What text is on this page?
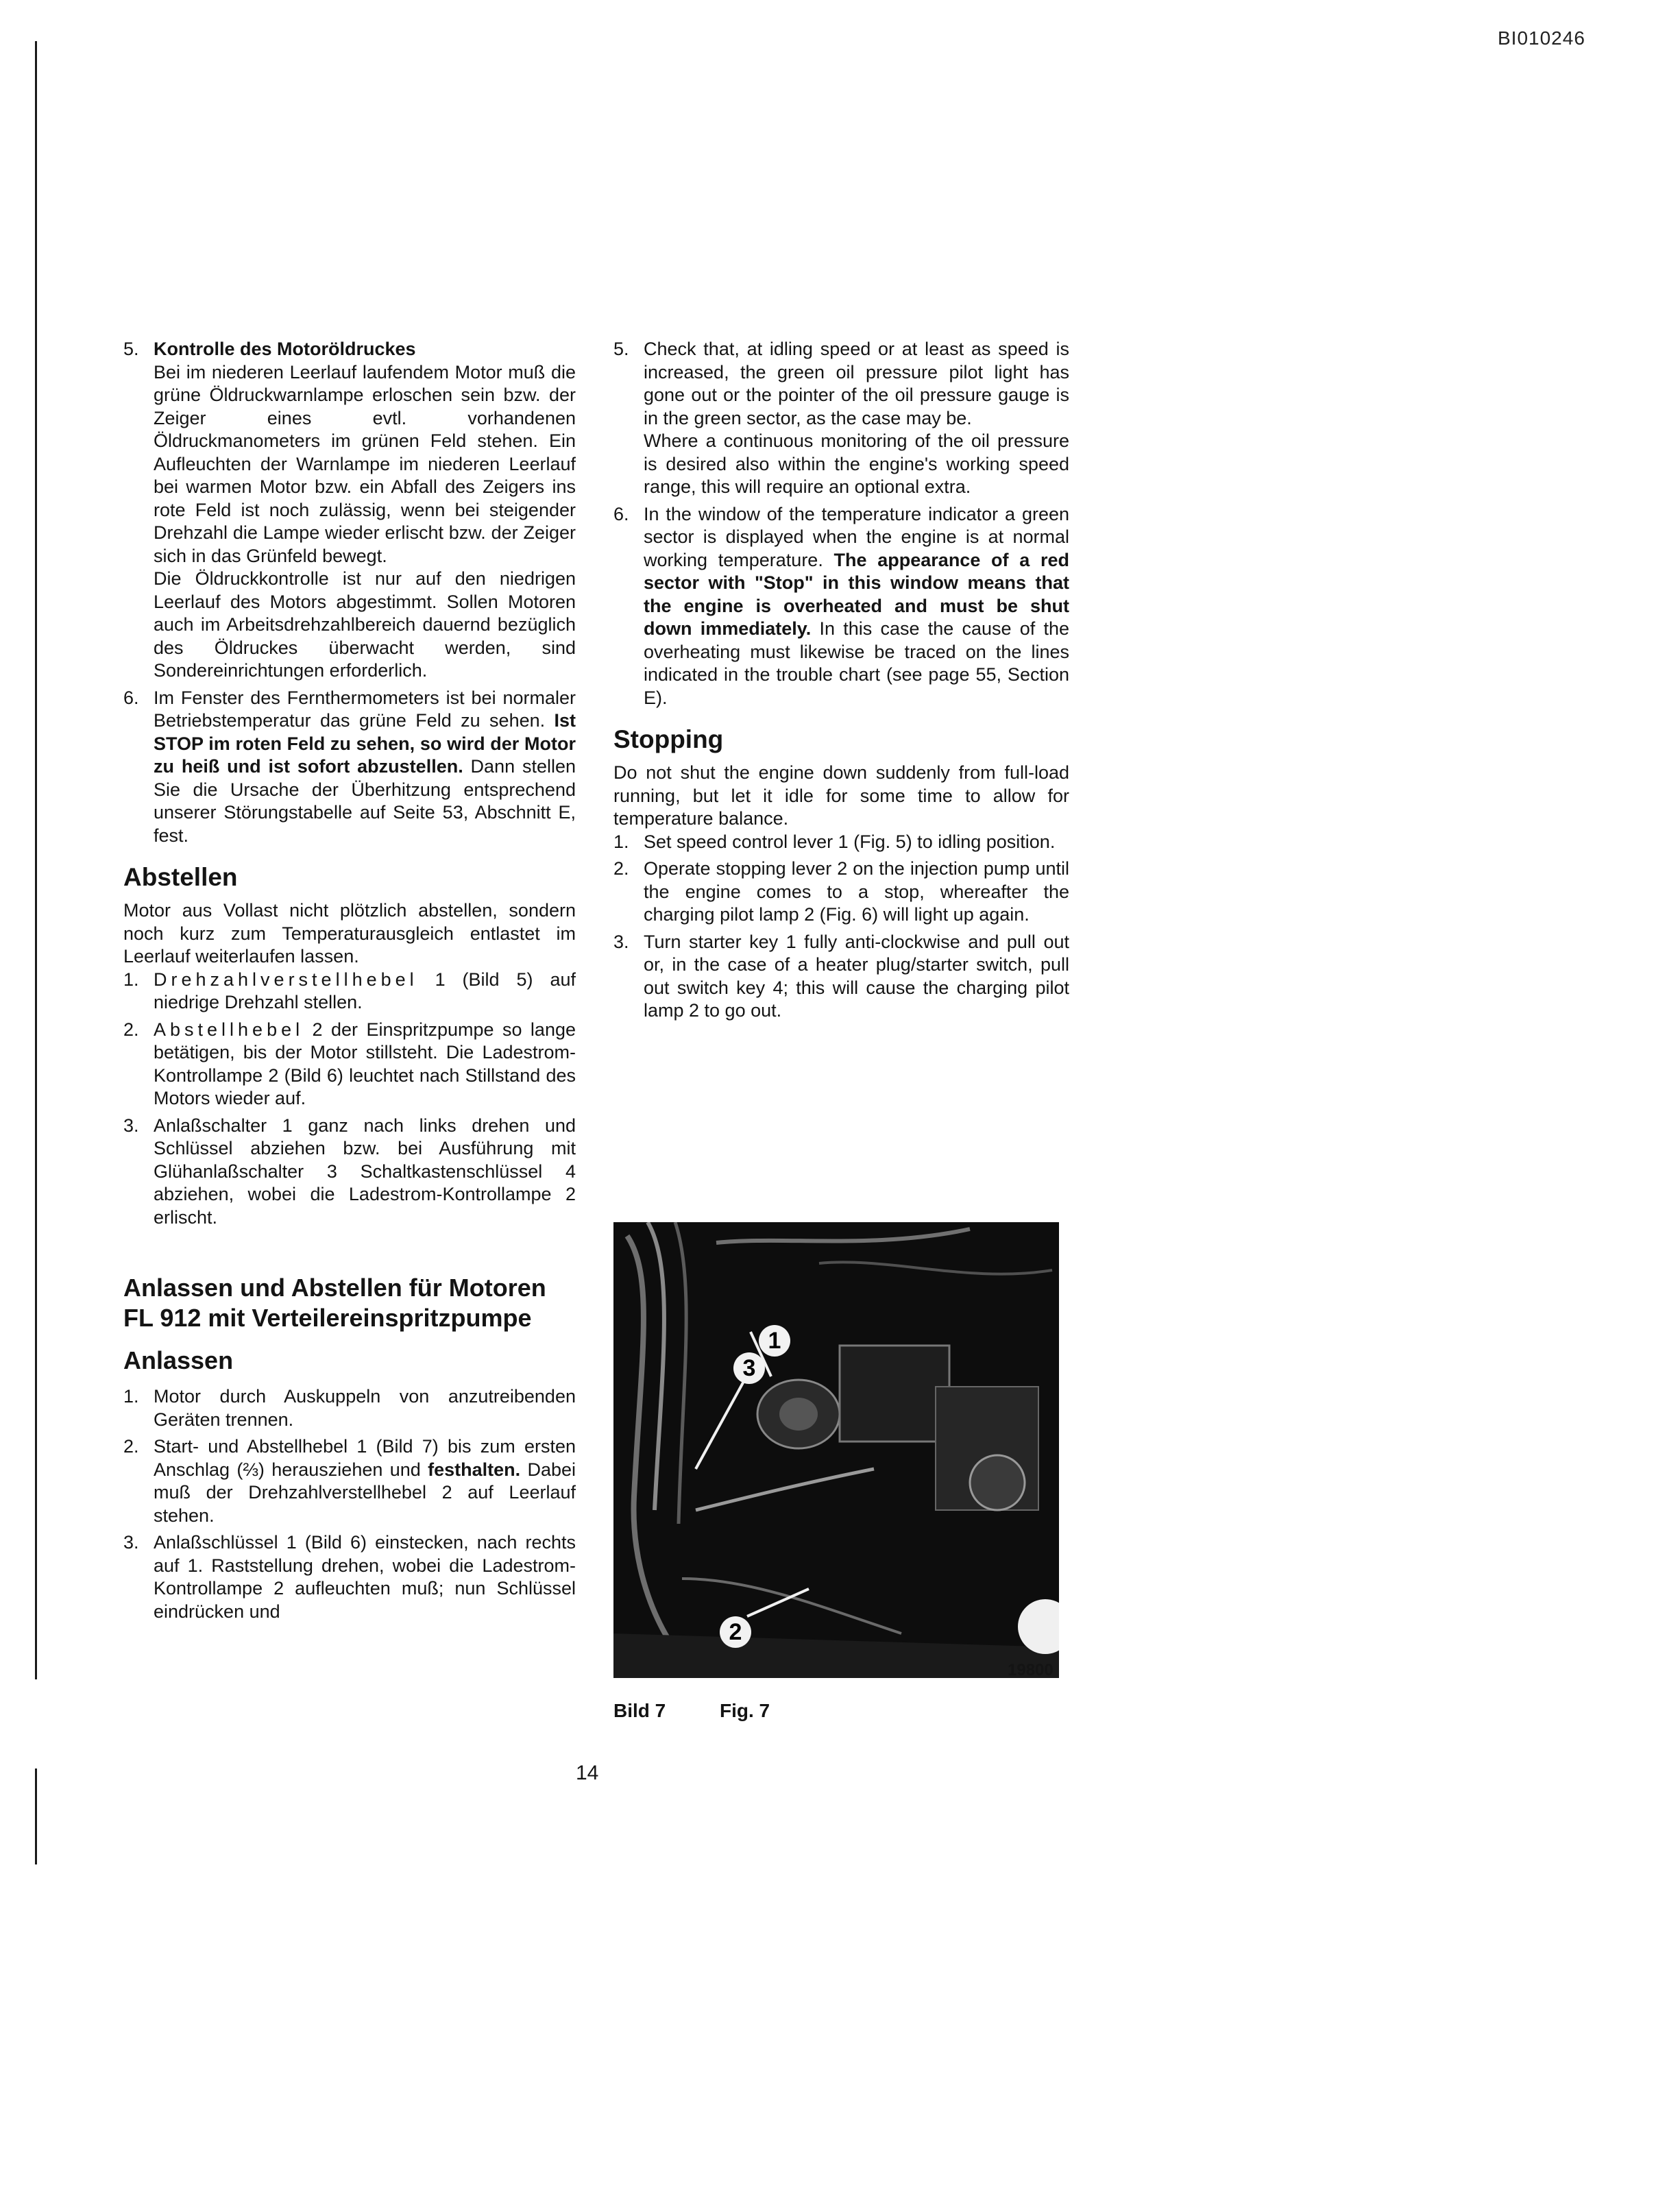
BI010246
5. Kontrolle des Motoröldruckes

Bei im niederen Leerlauf laufendem Motor muß die grüne Öldruckwarnlampe erloschen sein bzw. der Zeiger eines evtl. vorhandenen Öldruckmanometers im grünen Feld stehen. Ein Aufleuchten der Warnlampe im niederen Leerlauf bei warmen Motor bzw. ein Abfall des Zeigers ins rote Feld ist noch zulässig, wenn bei steigender Drehzahl die Lampe wieder erlischt bzw. der Zeiger sich in das Grünfeld bewegt.

Die Öldruckkontrolle ist nur auf den niedrigen Leerlauf des Motors abgestimmt. Sollen Motoren auch im Arbeitsdrehzahlbereich dauernd bezüglich des Öldruckes überwacht werden, sind Sondereinrichtungen erforderlich.

6. Im Fenster des Fernthermometers ist bei normaler Betriebstemperatur das grüne Feld zu sehen. Ist STOP im roten Feld zu sehen, so wird der Motor zu heiß und ist sofort abzustellen. Dann stellen Sie die Ursache der Überhitzung entsprechend unserer Störungstabelle auf Seite 53, Abschnitt E, fest.

Abstellen

Motor aus Vollast nicht plötzlich abstellen, sondern noch kurz zum Temperaturausgleich entlastet im Leerlauf weiterlaufen lassen.

1. Drehzahlverstellhebel 1 (Bild 5) auf niedrige Drehzahl stellen.

2. Abstellhebel 2 der Einspritzpumpe so lange betätigen, bis der Motor stillsteht. Die Ladestrom-Kontrollampe 2 (Bild 6) leuchtet nach Stillstand des Motors wieder auf.

3. Anlaßschalter 1 ganz nach links drehen und Schlüssel abziehen bzw. bei Ausführung mit Glühanlaßschalter 3 Schaltkastenschlüssel 4 abziehen, wobei die Ladestrom-Kontrollampe 2 erlischt.

Anlassen und Abstellen für Motoren FL 912 mit Verteilereinspritzpumpe
Anlassen
1. Motor durch Auskuppeln von anzutreibenden Geräten trennen.

2. Start- und Abstellhebel 1 (Bild 7) bis zum ersten Anschlag (⅔) herausziehen und festhalten. Dabei muß der Drehzahlverstellhebel 2 auf Leerlauf stehen.

3. Anlaßschlüssel 1 (Bild 6) einstecken, nach rechts auf 1. Raststellung drehen, wobei die Ladestrom-Kontrollampe 2 aufleuchten muß; nun Schlüssel eindrücken und

5. Check that, at idling speed or at least as speed is increased, the green oil pressure pilot light has gone out or the pointer of the oil pressure gauge is in the green sector, as the case may be.

Where a continuous monitoring of the oil pressure is desired also within the engine's working speed range, this will require an optional extra.

6. In the window of the temperature indicator a green sector is displayed when the engine is at normal working temperature. The appearance of a red sector with "Stop" in this window means that the engine is overheated and must be shut down immediately. In this case the cause of the overheating must likewise be traced on the lines indicated in the trouble chart (see page 55, Section E).

Stopping

Do not shut the engine down suddenly from full-load running, but let it idle for some time to allow for temperature balance.

1. Set speed control lever 1 (Fig. 5) to idling position.

2. Operate stopping lever 2 on the injection pump until the engine comes to a stop, whereafter the charging pilot lamp 2 (Fig. 6) will light up again.

3. Turn starter key 1 fully anti-clockwise and pull out or, in the case of a heater plug/starter switch, pull out switch key 4; this will cause the charging pilot lamp 2 to go out.

1
3
2
19800
Bild 7	Fig. 7
14
